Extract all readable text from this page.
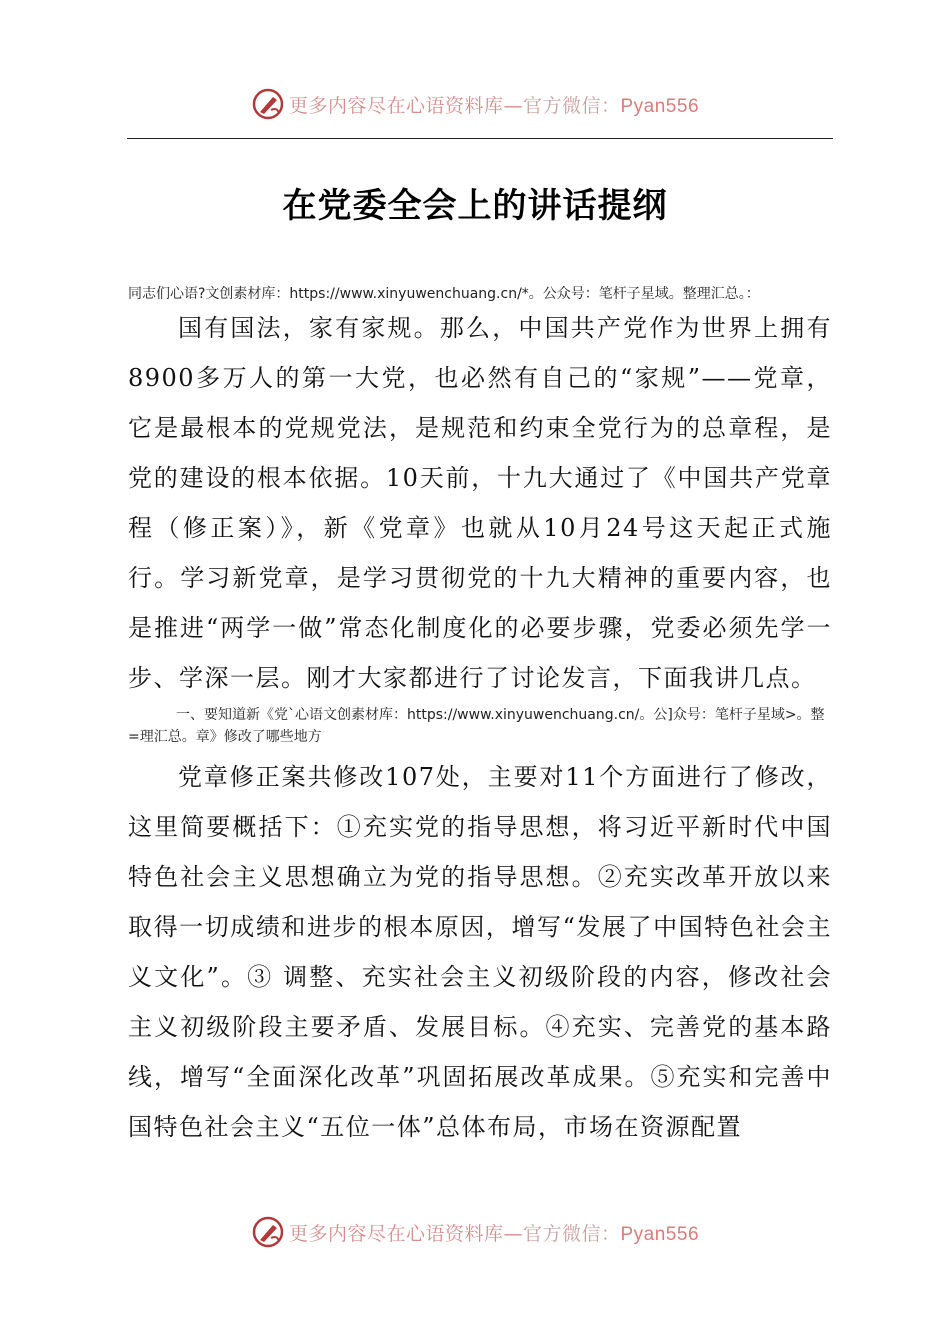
更多内容尽在心语资料库—官方微信：Pyan556
在党委全会上的讲话提纲
同志们心语?文创素材库：https://www.xinyuwenchuang.cn/*。公众号：笔杆子星域。整理汇总。：

国有国法，家有家规。那么，中国共产党作为世界上拥有8900多万人的第一大党，也必然有自己的“家规”——党章，它是最根本的党规党法，是规范和约束全党行为的总章程，是党的建设的根本依据。10天前，十九大通过了《中国共产党章程（修正案）》，新《党章》也就从10月24号这天起正式施行。学习新党章，是学习贯彻党的十九大精神的重要内容，也是推进“两学一做”常态化制度化的必要步骤，党委必须先学一步、学深一层。刚才大家都进行了讨论发言，下面我讲几点。

一、要知道新《党`心语文创素材库：https://www.xinyuwenchuang.cn/。公]众号：笔杆子星域>。整=理汇总。章》修改了哪些地方

党章修正案共修改107处，主要对11个方面进行了修改，这里简要概括下：①充实党的指导思想，将习近平新时代中国特色社会主义思想确立为党的指导思想。②充实改革开放以来取得一切成绩和进步的根本原因，增写“发展了中国特色社会主义文化”。③ 调整、充实社会主义初级阶段的内容，修改社会主义初级阶段主要矛盾、发展目标。④充实、完善党的基本路线，增写“全面深化改革”巩固拓展改革成果。⑤充实和完善中国特色社会主义“五位一体”总体布局，市场在资源配置

更多内容尽在心语资料库—官方微信：Pyan556
